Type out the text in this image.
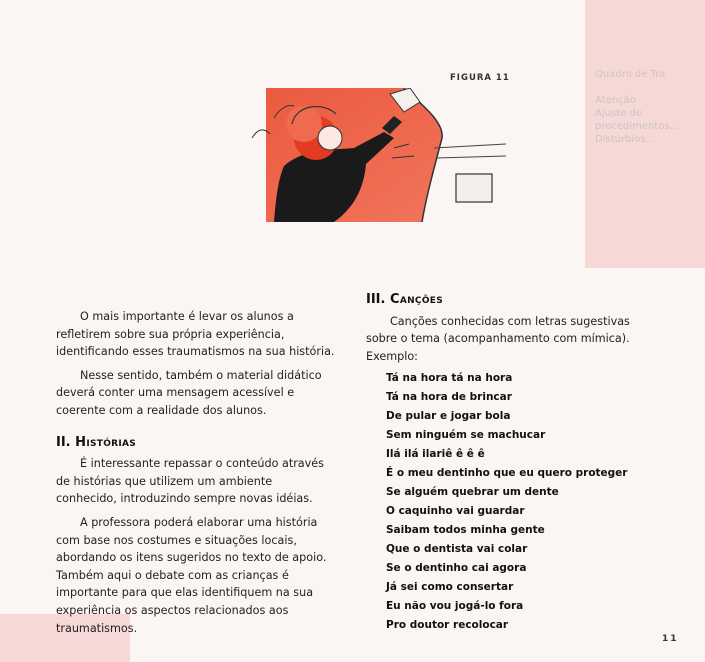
Quadro de Tra

Atenção
Ajuste de procedimentos...
Distúrbios...
FIGURA 11

O mais importante é levar os alunos a refletirem sobre sua própria experiência, identificando esses traumatismos na sua história.

Nesse sentido, também o material didático deverá conter uma mensagem acessível e coerente com a realidade dos alunos.

II. Histórias

É interessante repassar o conteúdo através de histórias que utilizem um ambiente conhecido, introduzindo sempre novas idéias.

A professora poderá elaborar uma história com base nos costumes e situações locais, abordando os itens sugeridos no texto de apoio. Também aqui o debate com as crianças é importante para que elas identifiquem na sua experiência os aspectos relacionados aos traumatismos.

III. Canções

Canções conhecidas com letras sugestivas sobre o tema (acompanhamento com mímica). Exemplo:

Tá na hora tá na hora
Tá na hora de brincar
De pular e jogar bola
Sem ninguém se machucar
Ilá ilá ilariê ê ê ê
É o meu dentinho que eu quero proteger
Se alguém quebrar um dente
O caquinho vai guardar
Saibam todos minha gente
Que o dentista vai colar
Se o dentinho cai agora
Já sei como consertar
Eu não vou jogá-lo fora
Pro doutor recolocar
11
